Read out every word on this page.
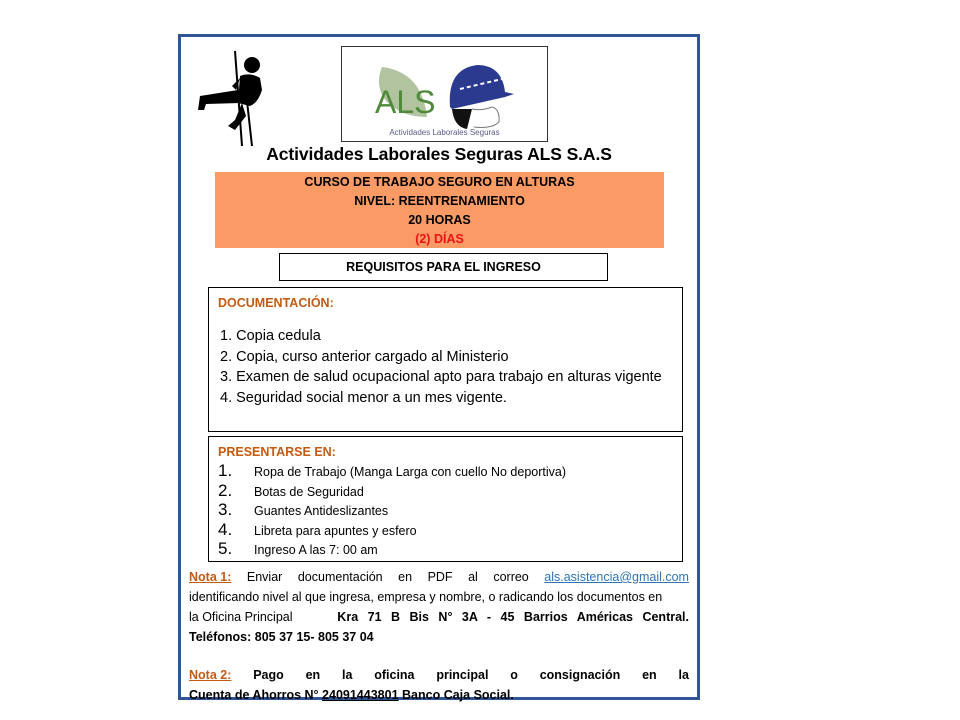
ALS
Actividades Laborales Seguras
Actividades Laborales Seguras ALS S.A.S
CURSO DE TRABAJO SEGURO EN ALTURAS
NIVEL: REENTRENAMIENTO
20 HORAS
(2) DÍAS
REQUISITOS PARA EL INGRESO
DOCUMENTACIÓN:
1. Copia cedula
2. Copia, curso anterior cargado al Ministerio
3. Examen de salud ocupacional apto para trabajo en alturas vigente
4. Seguridad social menor a un mes vigente.
PRESENTARSE EN:
1.	Ropa de Trabajo (Manga Larga con cuello No deportiva)
2.	Botas de Seguridad
3.	Guantes Antideslizantes
4.	Libreta para apuntes y esfero
5.	Ingreso A las 7: 00 am
Nota 1: Enviar documentación en PDF al correo als.asistencia@gmail.com
identificando nivel al que ingresa, empresa y nombre, o radicando los documentos en
la Oficina Principal	Kra 71 B Bis N° 3A - 45 Barrios Américas Central.
Teléfonos: 805 37 15- 805 37 04
Nota 2: Pago en la oficina principal o consignación en la
Cuenta de Ahorros N° 24091443801 Banco Caja Social.
